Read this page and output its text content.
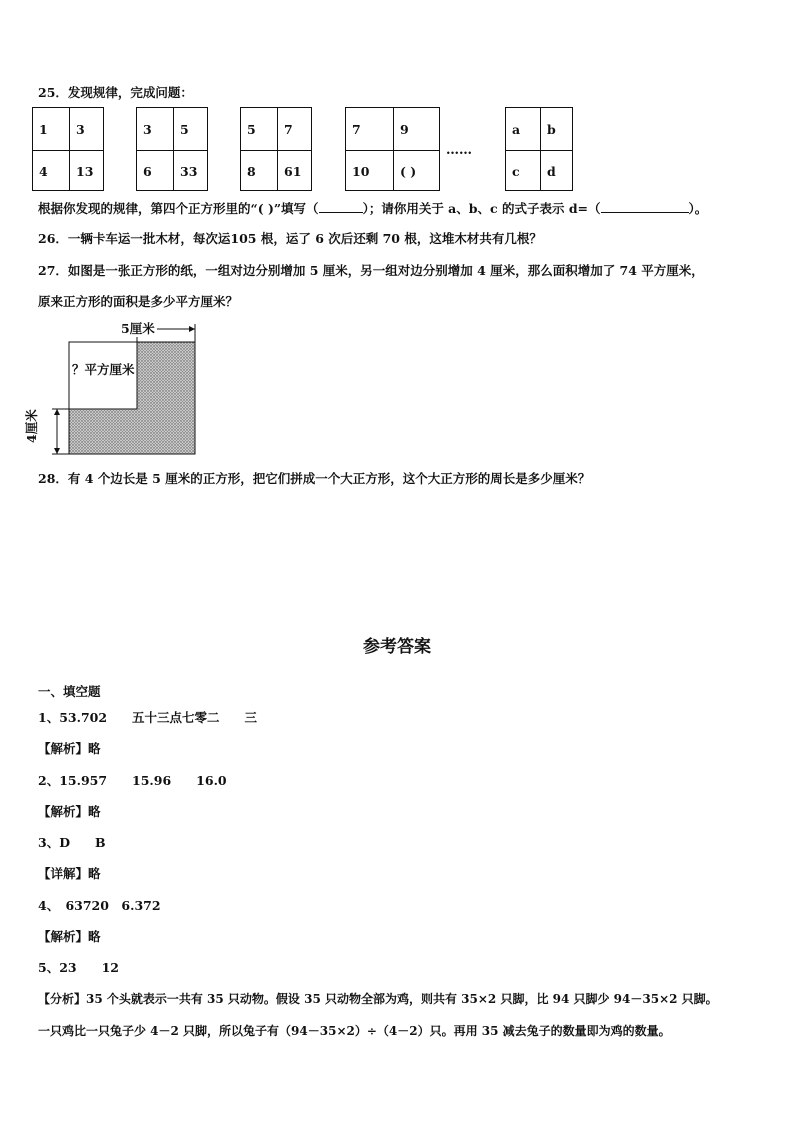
25．发现规律，完成问题：
1	3
4	13
3	5
6	33
5	7
8	61
7	9
10	( )
……
a	b
c	d
根据你发现的规律，第四个正方形里的“( )”填写（	）；请你用关于 a、b、c 的式子表示 d=（	）。
26．一辆卡车运一批木材，每次运105 根，运了 6 次后还剩 70 根，这堆木材共有几根？
27．如图是一张正方形的纸，一组对边分别增加 5 厘米，另一组对边分别增加 4 厘米，那么面积增加了 74 平方厘米，
原来正方形的面积是多少平方厘米？
5厘米
？平方厘米
4厘米
28．有 4 个边长是 5 厘米的正方形，把它们拼成一个大正方形，这个大正方形的周长是多少厘米？
参考答案
一、填空题
1、53.702　　五十三点七零二　　三
【解析】略
2、15.957　　15.96　　16.0
【解析】略
3、D　　B
【详解】略
4、　63720　6.372
【解析】略
5、23　　12
【分析】35 个头就表示一共有 35 只动物。假设 35 只动物全部为鸡，则共有 35×2 只脚，比 94 只脚少 94－35×2 只脚。
一只鸡比一只兔子少 4－2 只脚，所以兔子有（94－35×2）÷（4－2）只。再用 35 减去兔子的数量即为鸡的数量。
